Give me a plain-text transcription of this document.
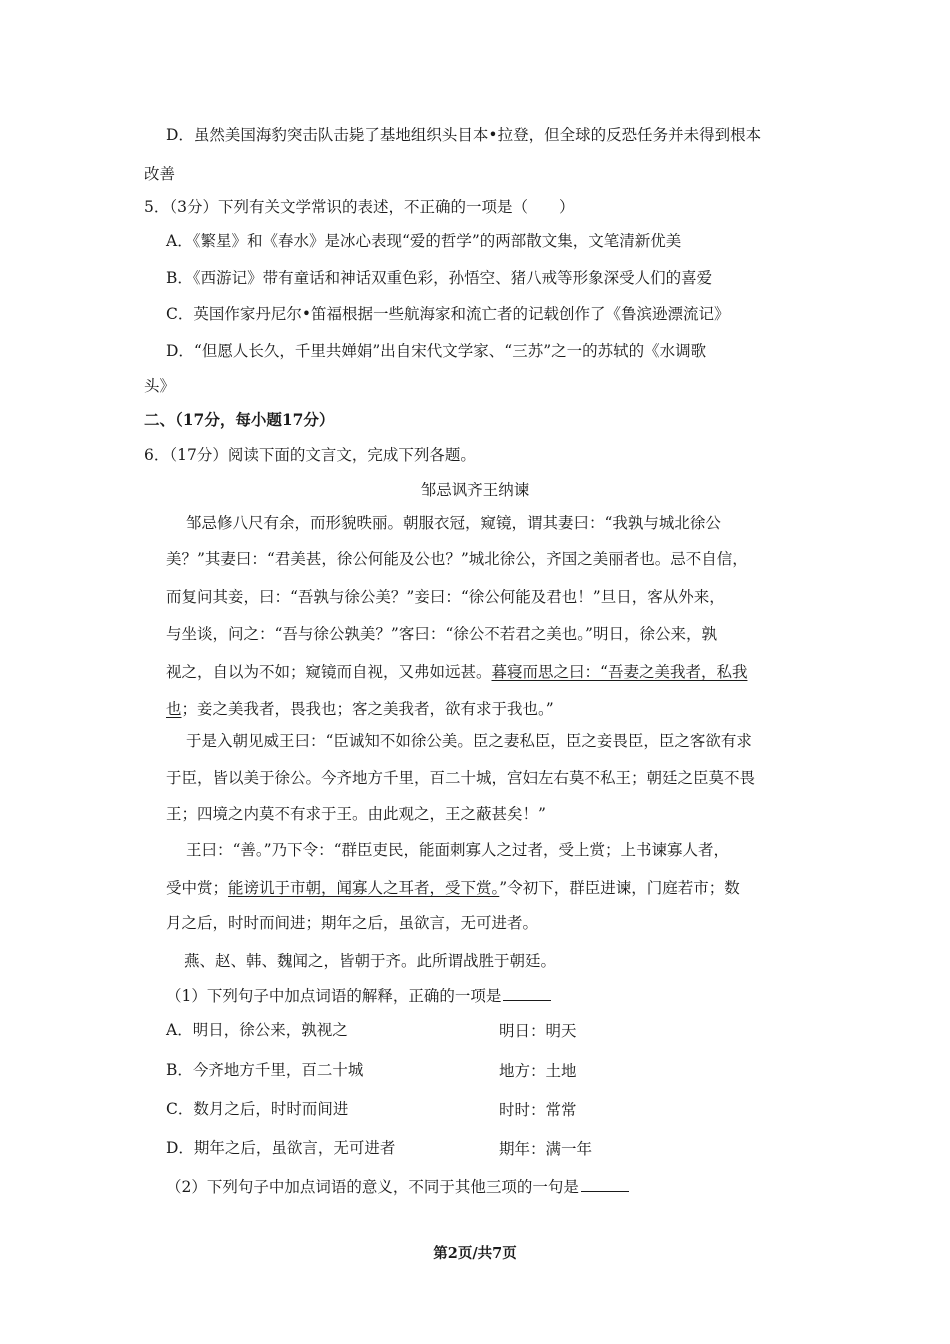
D．虽然美国海豹突击队击毙了基地组织头目本•拉登，但全球的反恐任务并未得到根本
改善
5．（3分）下列有关文学常识的表述，不正确的一项是（　　）
A．《繁星》和《春水》是冰心表现“爱的哲学”的两部散文集，文笔清新优美
B．《西游记》带有童话和神话双重色彩，孙悟空、猪八戒等形象深受人们的喜爱
C．英国作家丹尼尔•笛福根据一些航海家和流亡者的记载创作了《鲁滨逊漂流记》
D．“但愿人长久，千里共婵娟”出自宋代文学家、“三苏”之一的苏轼的《水调歌
头》
二、（17分，每小题17分）
6．（17分）阅读下面的文言文，完成下列各题。
邹忌讽齐王纳谏
邹忌修八尺有余，而形貌昳丽。朝服衣冠，窥镜，谓其妻曰：“我孰与城北徐公
美？”其妻曰：“君美甚，徐公何能及公也？”城北徐公，齐国之美丽者也。忌不自信，
而复问其妾，曰：“吾孰与徐公美？”妾曰：“徐公何能及君也！”旦日，客从外来，
与坐谈，问之：“吾与徐公孰美？”客曰：“徐公不若君之美也。”明日，徐公来，孰
视之，自以为不如；窥镜而自视，又弗如远甚。暮寝而思之曰：“吾妻之美我者，私我
也；妾之美我者，畏我也；客之美我者，欲有求于我也。”
于是入朝见威王曰：“臣诚知不如徐公美。臣之妻私臣，臣之妾畏臣，臣之客欲有求
于臣，皆以美于徐公。今齐地方千里，百二十城，宫妇左右莫不私王；朝廷之臣莫不畏
王；四境之内莫不有求于王。由此观之，王之蔽甚矣！”
王曰：“善。”乃下令：“群臣吏民，能面刺寡人之过者，受上赏；上书谏寡人者，
受中赏；能谤讥于市朝，闻寡人之耳者，受下赏。”令初下，群臣进谏，门庭若市；数
月之后，时时而间进；期年之后，虽欲言，无可进者。
燕、赵、韩、魏闻之，皆朝于齐。此所谓战胜于朝廷。
（1）下列句子中加点词语的解释，正确的一项是
A．明日，徐公来，孰视之	明日：明天
B．今齐地方千里，百二十城	地方：土地
C．数月之后，时时而间进	时时：常常
D．期年之后，虽欲言，无可进者	期年：满一年
（2）下列句子中加点词语的意义，不同于其他三项的一句是
第2页/共7页
